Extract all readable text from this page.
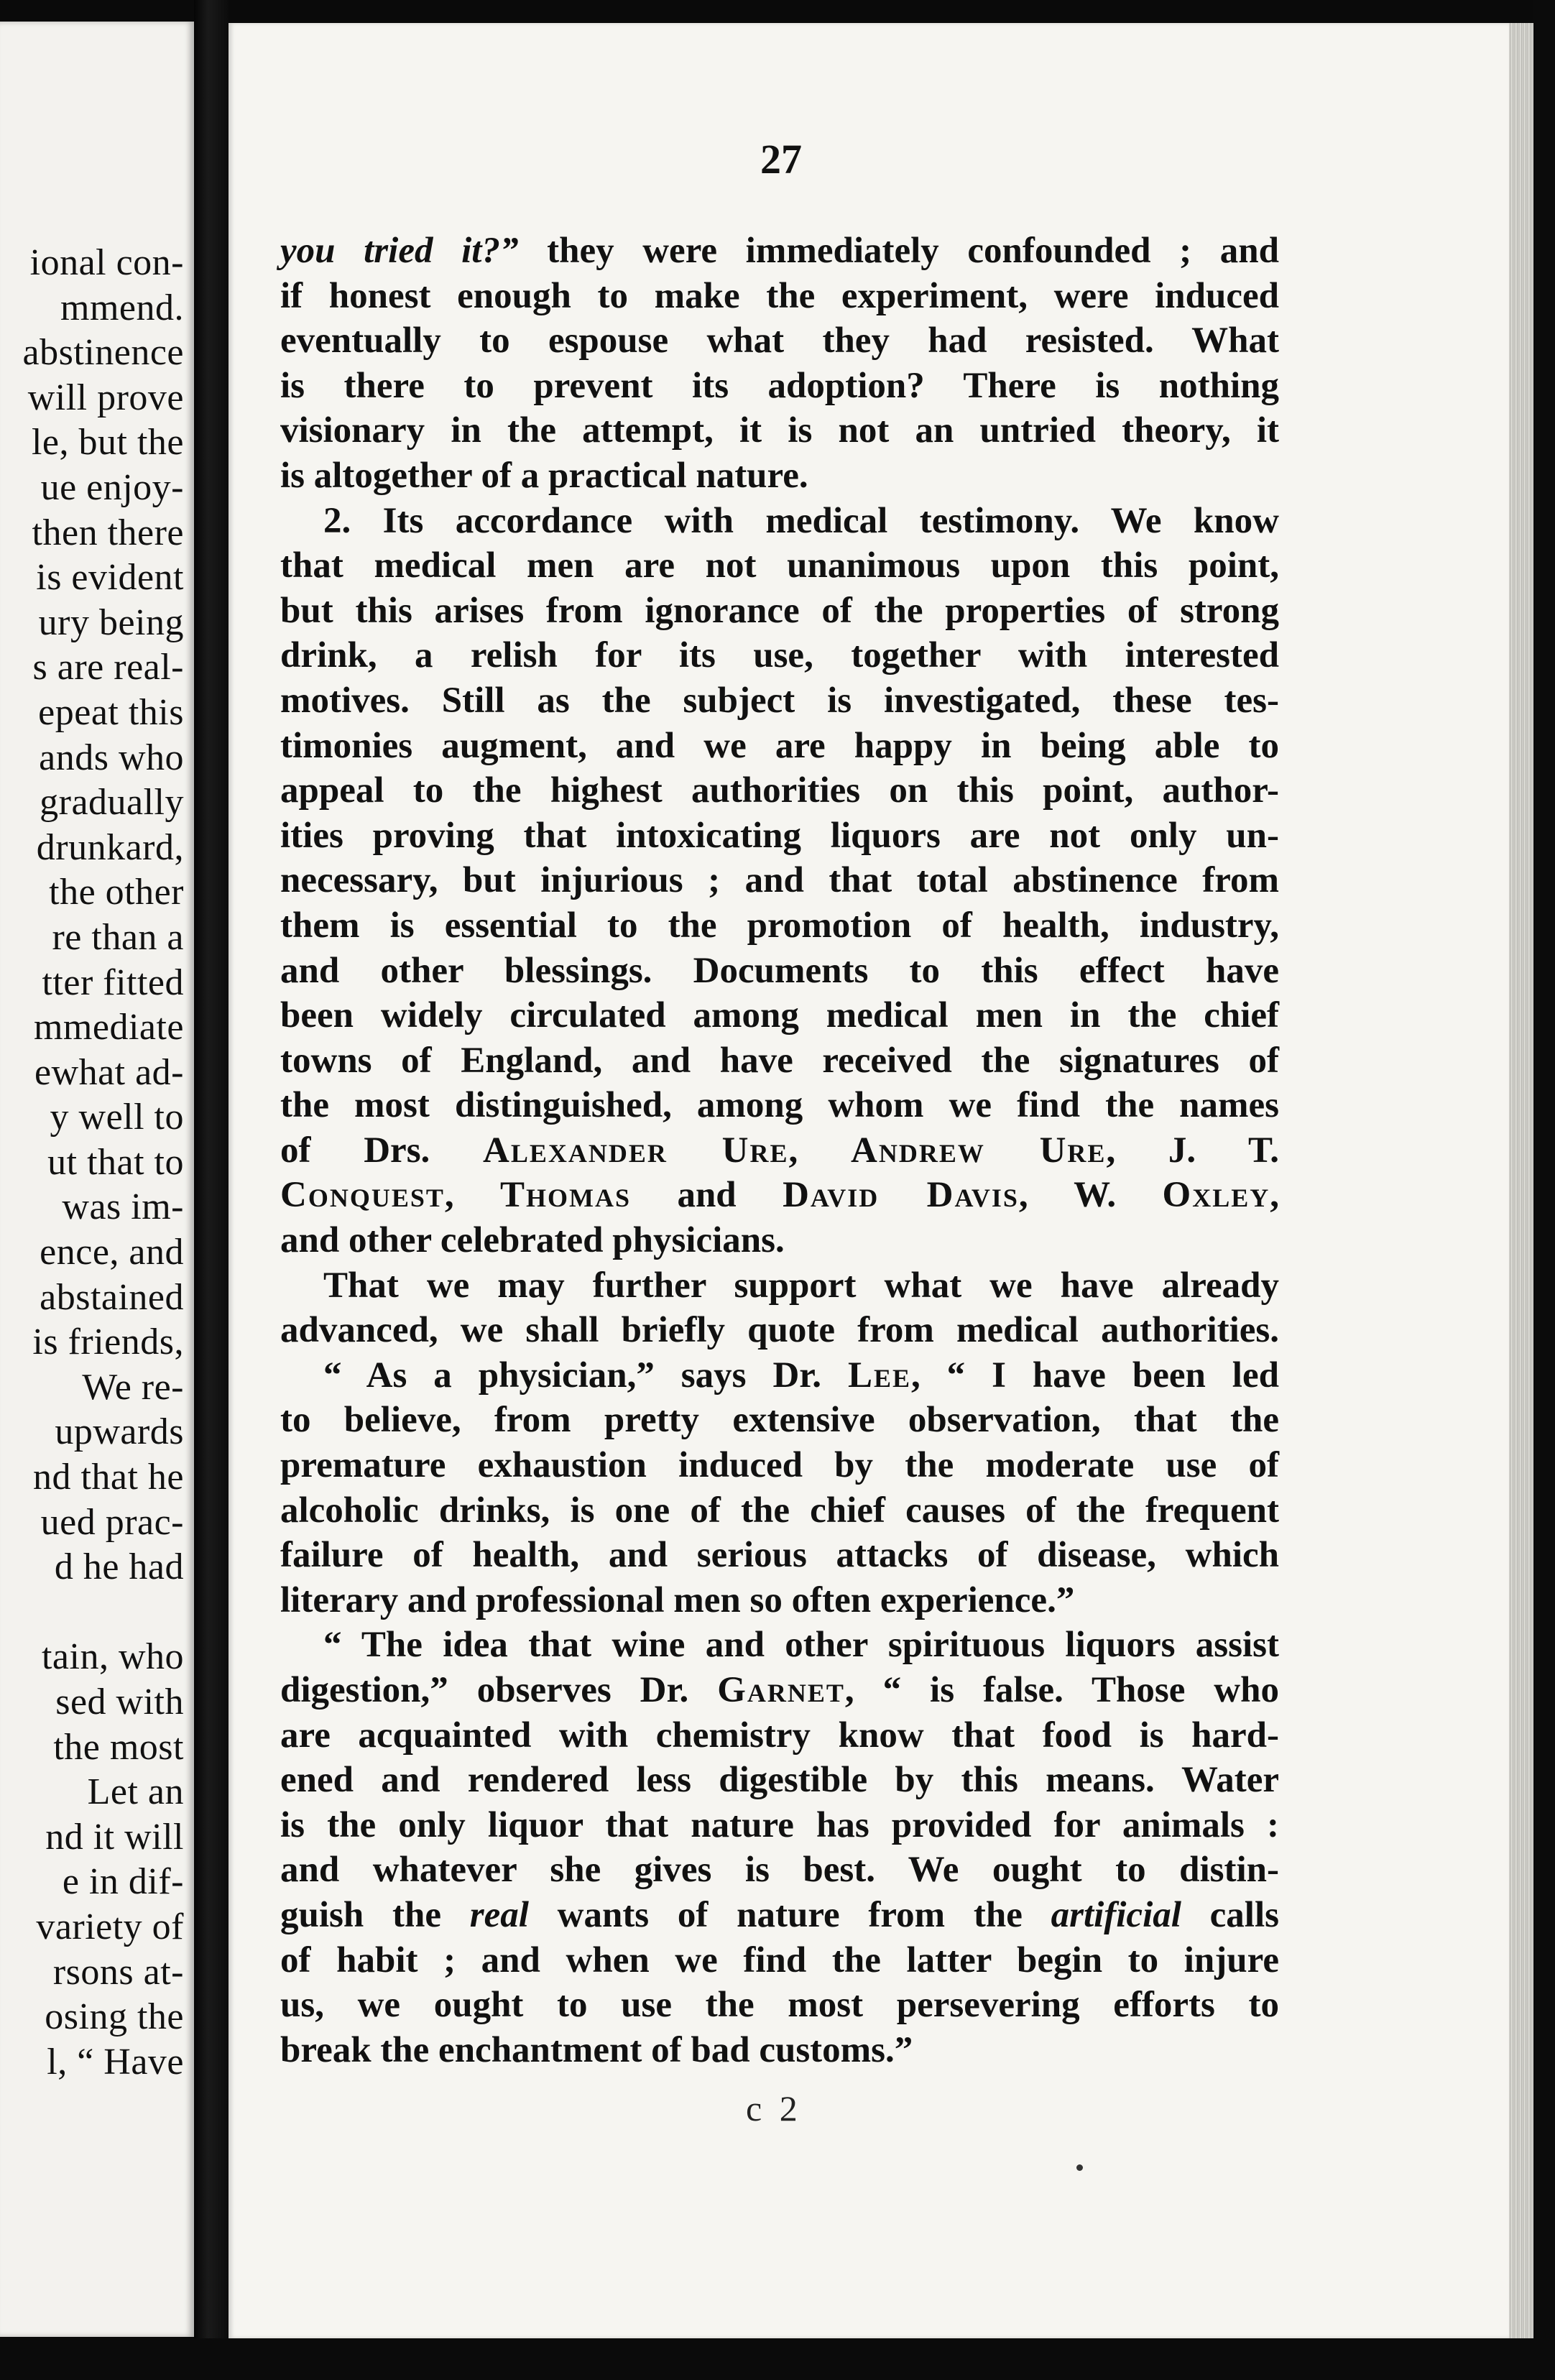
ional con-
mmend.
abstinence
will prove
le, but the
ue enjoy-
then there
is evident
ury being
s are real-
epeat this
ands who
gradually
drunkard,
the other
re than a
tter fitted
mmediate
ewhat ad-
y well to
ut that to
was im-
ence, and
abstained
is friends,
We re-
upwards
nd that he
ued prac-
d he had
tain, who
sed with
the most
Let an
nd it will
e in dif-
variety of
rsons at-
osing the
l, “ Have
27
you tried it?” they were immediately confounded ; and
if honest enough to make the experiment, were induced
eventually to espouse what they had resisted. What
is there to prevent its adoption? There is nothing
visionary in the attempt, it is not an untried theory, it
is altogether of a practical nature.
2. Its accordance with medical testimony. We know
that medical men are not unanimous upon this point,
but this arises from ignorance of the properties of strong
drink, a relish for its use, together with interested
motives. Still as the subject is investigated, these tes-
timonies augment, and we are happy in being able to
appeal to the highest authorities on this point, author-
ities proving that intoxicating liquors are not only un-
necessary, but injurious ; and that total abstinence from
them is essential to the promotion of health, industry,
and other blessings. Documents to this effect have
been widely circulated among medical men in the chief
towns of England, and have received the signatures of
the most distinguished, among whom we find the names
of Drs. Alexander Ure, Andrew Ure, J. T.
Conquest, Thomas and David Davis, W. Oxley,
and other celebrated physicians.
That we may further support what we have already
advanced, we shall briefly quote from medical authorities.
“ As a physician,” says Dr. Lee, “ I have been led
to believe, from pretty extensive observation, that the
premature exhaustion induced by the moderate use of
alcoholic drinks, is one of the chief causes of the frequent
failure of health, and serious attacks of disease, which
literary and professional men so often experience.”
“ The idea that wine and other spirituous liquors assist
digestion,” observes Dr. Garnet, “ is false. Those who
are acquainted with chemistry know that food is hard-
ened and rendered less digestible by this means. Water
is the only liquor that nature has provided for animals :
and whatever she gives is best. We ought to distin-
guish the real wants of nature from the artificial calls
of habit ; and when we find the latter begin to injure
us, we ought to use the most persevering efforts to
break the enchantment of bad customs.”
c 2
